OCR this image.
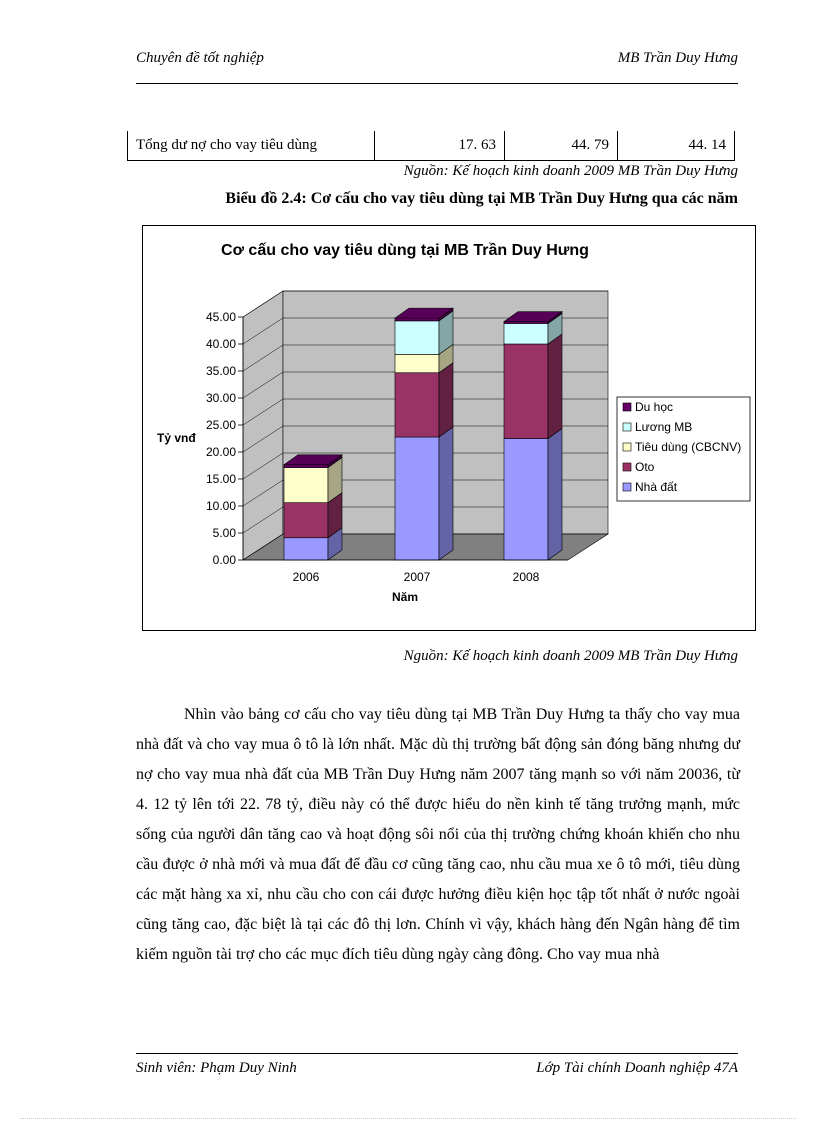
Chuyên đề tốt nghiệp	MB Trần Duy Hưng
Tổng dư nợ cho vay tiêu dùng	17. 63	44. 79	44. 14
Nguồn: Kế hoạch kinh doanh 2009 MB Trần Duy Hưng
Biểu đồ 2.4: Cơ cấu cho vay tiêu dùng tại MB Trần Duy Hưng qua các năm
Cơ cấu cho vay tiêu dùng tại MB Trần Duy Hưng
Tỷ vnđ
Năm
0.00
5.00
10.00
15.00
20.00
25.00
30.00
35.00
40.00
45.00
2006	2007	2008
Du học
Lương MB
Tiêu dùng (CBCNV)
Oto
Nhà đất
Nguồn: Kế hoạch kinh doanh 2009 MB Trần Duy Hưng

Nhìn vào bảng cơ cấu cho vay tiêu dùng tại MB Trần Duy Hưng ta thấy cho vay mua nhà đất và cho vay mua ô tô là lớn nhất. Mặc dù thị trường bất động sản đóng băng nhưng dư nợ cho vay mua nhà đất của MB Trần Duy Hưng năm 2007 tăng mạnh so với năm 20036, từ 4. 12 tỷ lên tới 22. 78 tỷ, điều này có thể được hiểu do nền kinh tế tăng trưởng mạnh, mức sống của người dân tăng cao và hoạt động sôi nổi của thị trường chứng khoán khiến cho nhu cầu được ở nhà mới và mua đất để đầu cơ cũng tăng cao, nhu cầu mua xe ô tô mới, tiêu dùng các mặt hàng xa xỉ, nhu cầu cho con cái được hưởng điều kiện học tập tốt nhất ở nước ngoài cũng tăng cao, đặc biệt là tại các đô thị lơn. Chính vì vậy, khách hàng đến Ngân hàng để tìm kiếm nguồn tài trợ cho các mục đích tiêu dùng ngày càng đông. Cho vay mua nhà

Sinh viên: Phạm Duy Ninh	Lớp Tài chính Doanh nghiệp 47A
